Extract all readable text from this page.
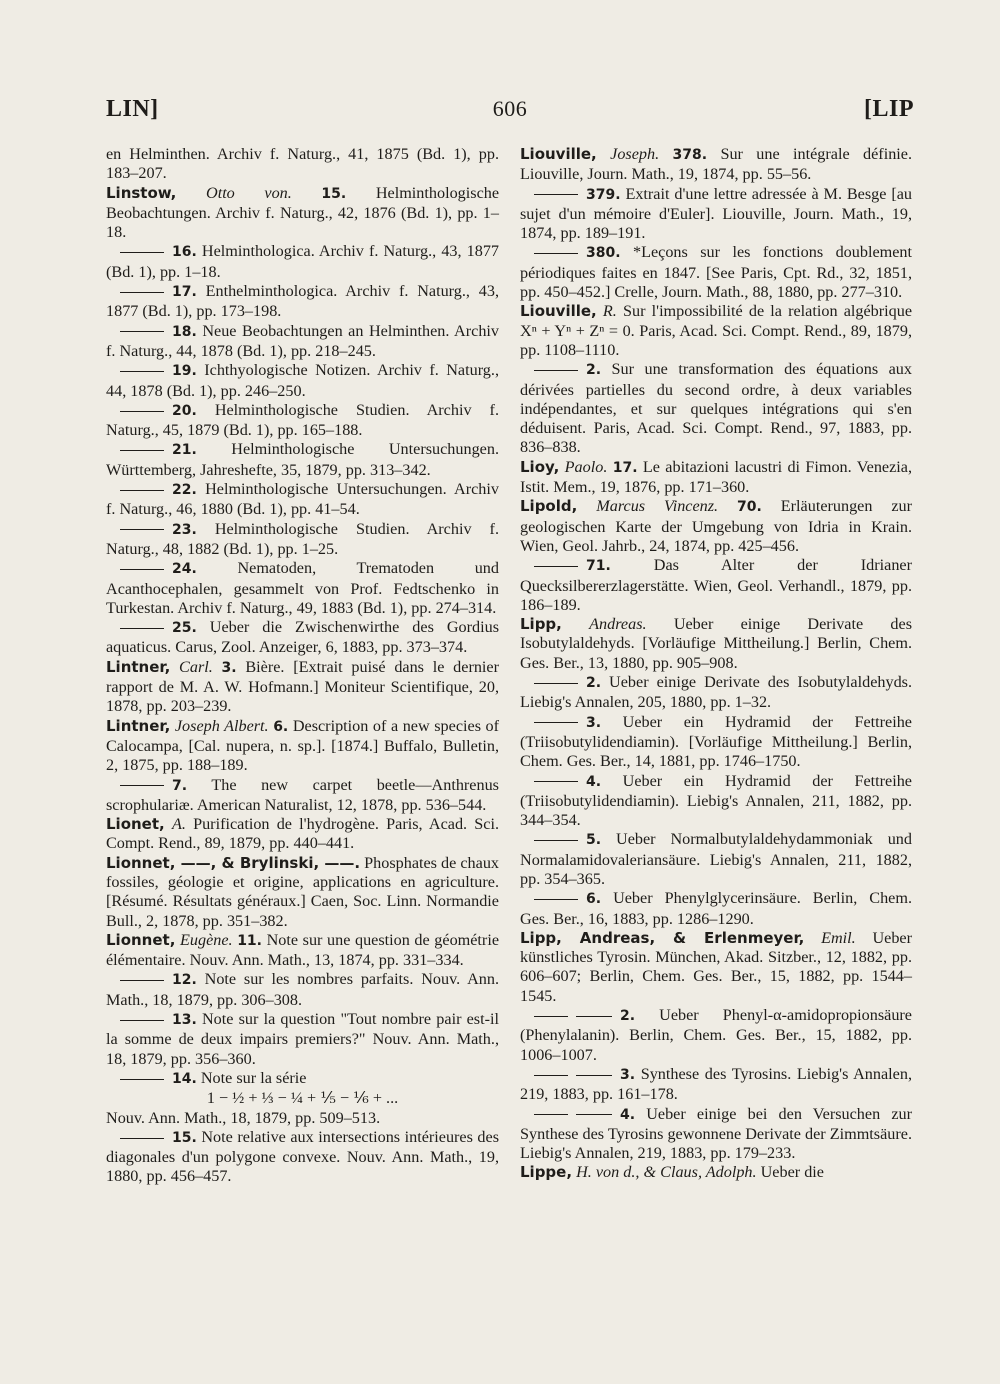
LIN]	606	[LIP

en Helminthen. Archiv f. Naturg., 41, 1875 (Bd. 1), pp. 183–207.

Linstow, Otto von. 15. Helminthologische Beobachtungen. Archiv f. Naturg., 42, 1876 (Bd. 1), pp. 1–18.

16. Helminthologica. Archiv f. Naturg., 43, 1877 (Bd. 1), pp. 1–18.

17. Enthelminthologica. Archiv f. Naturg., 43, 1877 (Bd. 1), pp. 173–198.

18. Neue Beobachtungen an Helminthen. Archiv f. Naturg., 44, 1878 (Bd. 1), pp. 218–245.

19. Ichthyologische Notizen. Archiv f. Naturg., 44, 1878 (Bd. 1), pp. 246–250.

20. Helminthologische Studien. Archiv f. Naturg., 45, 1879 (Bd. 1), pp. 165–188.

21. Helminthologische Untersuchungen. Württemberg, Jahreshefte, 35, 1879, pp. 313–342.

22. Helminthologische Untersuchungen. Archiv f. Naturg., 46, 1880 (Bd. 1), pp. 41–54.

23. Helminthologische Studien. Archiv f. Naturg., 48, 1882 (Bd. 1), pp. 1–25.

24.	Nematoden, Trematoden und Acanthocephalen, gesammelt von Prof. Fedtschenko in Turkestan. Archiv f. Naturg., 49, 1883 (Bd. 1), pp. 274–314.

25. Ueber die Zwischenwirthe des Gordius aquaticus. Carus, Zool. Anzeiger, 6, 1883, pp. 373–374.

Lintner, Carl. 3. Bière. [Extrait puisé dans le dernier rapport de M. A. W. Hofmann.] Moniteur Scientifique, 20, 1878, pp. 203–239.

Lintner, Joseph Albert. 6. Description of a new species of Calocampa, [Cal. nupera, n. sp.]. [1874.] Buffalo, Bulletin, 2, 1875, pp. 188–189.

7. The new carpet beetle—Anthrenus scrophulariæ. American Naturalist, 12, 1878, pp. 536–544.

Lionet, A. Purification de l'hydrogène. Paris, Acad. Sci. Compt. Rend., 89, 1879, pp. 440–441.

Lionnet, ——, & Brylinski, ——. Phosphates de chaux fossiles, géologie et origine, applications en agriculture. [Résumé. Résultats généraux.] Caen, Soc. Linn. Normandie Bull., 2, 1878, pp. 351–382.

Lionnet, Eugène. 11. Note sur une question de géométrie élémentaire. Nouv. Ann. Math., 13, 1874, pp. 331–334.

12. Note sur les nombres parfaits. Nouv. Ann. Math., 18, 1879, pp. 306–308.

13. Note sur la question "Tout nombre pair est-il la somme de deux impairs premiers?" Nouv. Ann. Math., 18, 1879, pp. 356–360.

14. Note sur la série

1 − ½ + ⅓ − ¼ + ⅕ − ⅙ + ...

Nouv. Ann. Math., 18, 1879, pp. 509–513.

15. Note relative aux intersections intérieures des diagonales d'un polygone convexe. Nouv. Ann. Math., 19, 1880, pp. 456–457.

Liouville, Joseph. 378. Sur une intégrale définie. Liouville, Journ. Math., 19, 1874, pp. 55–56.

379. Extrait d'une lettre adressée à M. Besge [au sujet d'un mémoire d'Euler]. Liouville, Journ. Math., 19, 1874, pp. 189–191.

380. *Leçons sur les fonctions doublement périodiques faites en 1847. [See Paris, Cpt. Rd., 32, 1851, pp. 450–452.] Crelle, Journ. Math., 88, 1880, pp. 277–310.

Liouville, R. Sur l'impossibilité de la relation algébrique Xⁿ + Yⁿ + Zⁿ = 0. Paris, Acad. Sci. Compt. Rend., 89, 1879, pp. 1108–1110.

2. Sur une transformation des équations aux dérivées partielles du second ordre, à deux variables indépendantes, et sur quelques intégrations qui s'en déduisent. Paris, Acad. Sci. Compt. Rend., 97, 1883, pp. 836–838.

Lioy, Paolo. 17. Le abitazioni lacustri di Fimon. Venezia, Istit. Mem., 19, 1876, pp. 171–360.

Lipold, Marcus Vincenz. 70. Erläuterungen zur geologischen Karte der Umgebung von Idria in Krain. Wien, Geol. Jahrb., 24, 1874, pp. 425–456.

71.	Das Alter der Idrianer Quecksilbererzlagerstätte. Wien, Geol. Verhandl., 1879, pp. 186–189.

Lipp, Andreas. Ueber einige Derivate des Isobutylaldehyds. [Vorläufige Mittheilung.] Berlin, Chem. Ges. Ber., 13, 1880, pp. 905–908.

2. Ueber einige Derivate des Isobutylaldehyds. Liebig's Annalen, 205, 1880, pp. 1–32.

3. Ueber ein Hydramid der Fettreihe (Triisobutylidendiamin). [Vorläufige Mittheilung.] Berlin, Chem. Ges. Ber., 14, 1881, pp. 1746–1750.

4. Ueber ein Hydramid der Fettreihe (Triisobutylidendiamin). Liebig's Annalen, 211, 1882, pp. 344–354.

5. Ueber Normalbutylaldehydammoniak und Normalamidovaleriansäure. Liebig's Annalen, 211, 1882, pp. 354–365.

6. Ueber Phenylglycerinsäure. Berlin, Chem. Ges. Ber., 16, 1883, pp. 1286–1290.

Lipp, Andreas, & Erlenmeyer, Emil. Ueber künstliches Tyrosin. München, Akad. Sitzber., 12, 1882, pp. 606–607; Berlin, Chem. Ges. Ber., 15, 1882, pp. 1544–1545.

2. Ueber Phenyl-α-amidopropionsäure (Phenylalanin). Berlin, Chem. Ges. Ber., 15, 1882, pp. 1006–1007.

3. Synthese des Tyrosins. Liebig's Annalen, 219, 1883, pp. 161–178.

4. Ueber einige bei den Versuchen zur Synthese des Tyrosins gewonnene Derivate der Zimmtsäure. Liebig's Annalen, 219, 1883, pp. 179–233.

Lippe, H. von d., & Claus, Adolph. Ueber die
